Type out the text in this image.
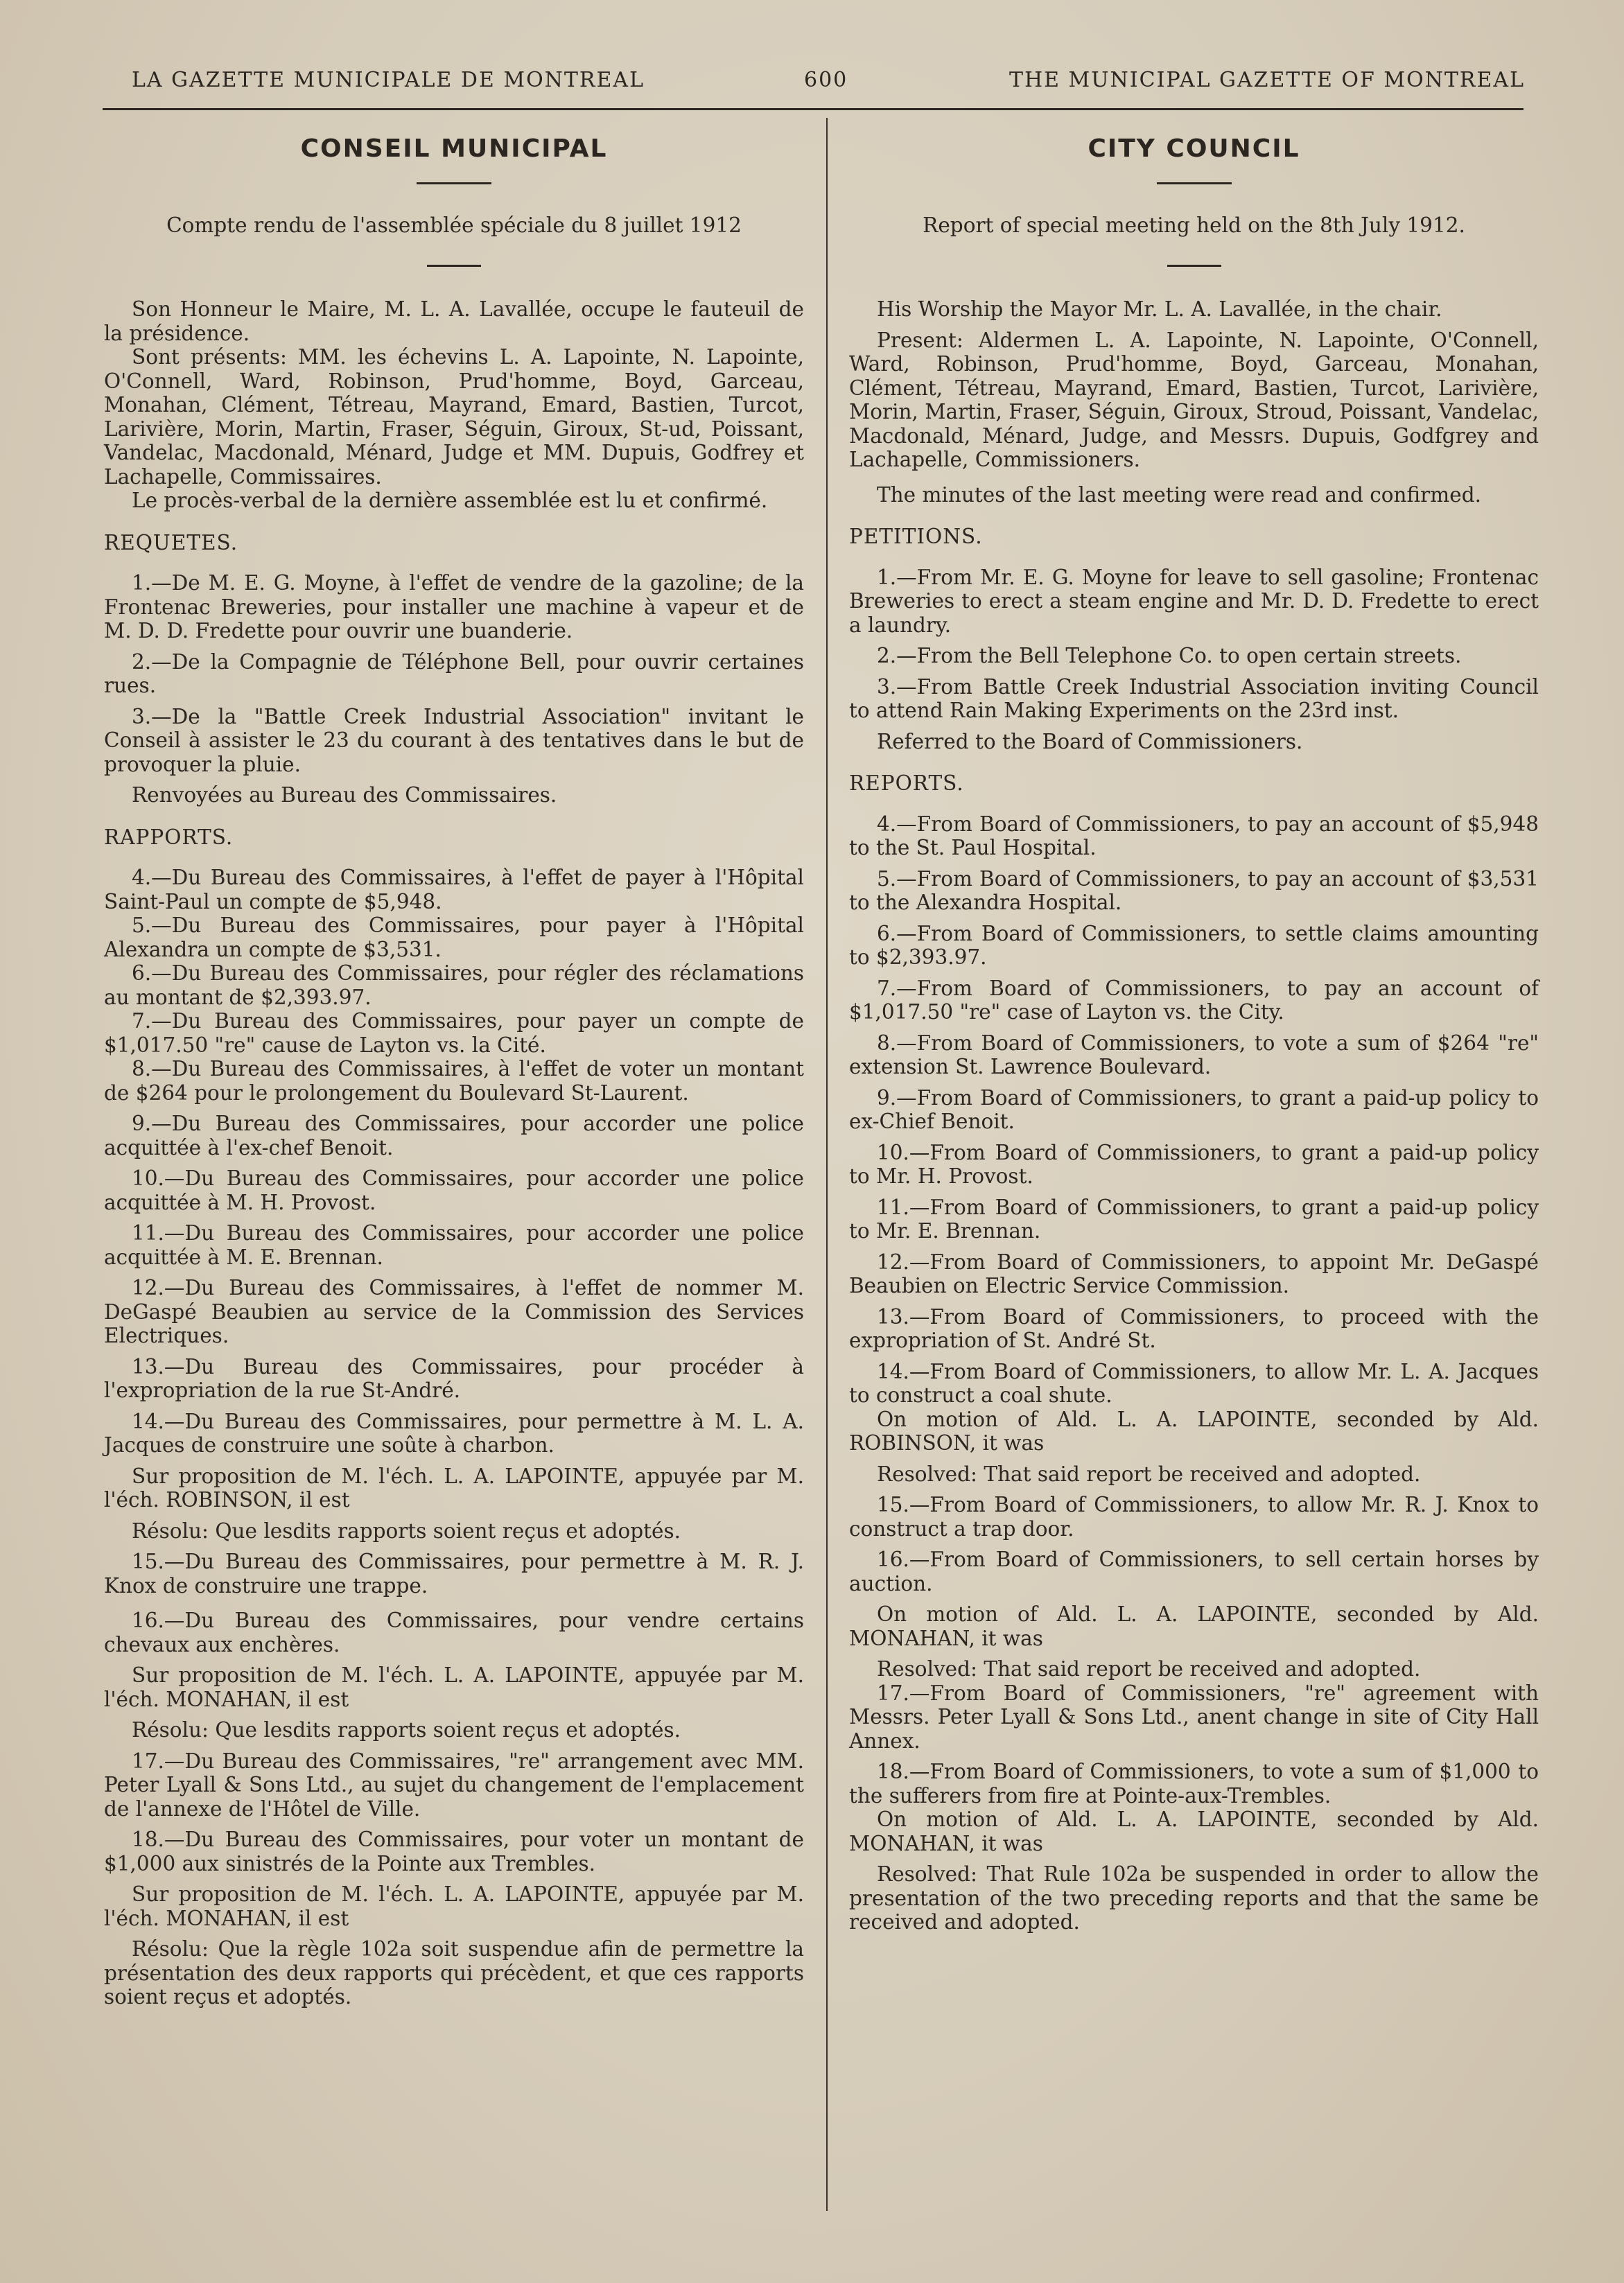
LA GAZETTE MUNICIPALE DE MONTREAL	600	THE MUNICIPAL GAZETTE OF MONTREAL
CONSEIL MUNICIPAL
Compte rendu de l'assemblée spéciale du 8 juillet 1912

Son Honneur le Maire, M. L. A. Lavallée, occupe le fauteuil de la présidence.

Sont présents: MM. les échevins L. A. Lapointe, N. Lapointe, O'Connell, Ward, Robinson, Prud'homme, Boyd, Garceau, Monahan, Clément, Tétreau, Mayrand, Emard, Bastien, Turcot, Larivière, Morin, Martin, Fraser, Séguin, Giroux, St-ud, Poissant, Vandelac, Macdonald, Ménard, Judge et MM. Dupuis, Godfrey et Lachapelle, Commissaires.

Le procès-verbal de la dernière assemblée est lu et confirmé.

REQUETES.

1.—De M. E. G. Moyne, à l'effet de vendre de la gazoline; de la Frontenac Breweries, pour installer une machine à vapeur et de M. D. D. Fredette pour ouvrir une buanderie.

2.—De la Compagnie de Téléphone Bell, pour ouvrir certaines rues.

3.—De la "Battle Creek Industrial Association" invitant le Conseil à assister le 23 du courant à des tentatives dans le but de provoquer la pluie.

Renvoyées au Bureau des Commissaires.

RAPPORTS.

4.—Du Bureau des Commissaires, à l'effet de payer à l'Hôpital Saint-Paul un compte de $5,948.

5.—Du Bureau des Commissaires, pour payer à l'Hôpital Alexandra un compte de $3,531.

6.—Du Bureau des Commissaires, pour régler des réclamations au montant de $2,393.97.

7.—Du Bureau des Commissaires, pour payer un compte de $1,017.50 "re" cause de Layton vs. la Cité.

8.—Du Bureau des Commissaires, à l'effet de voter un montant de $264 pour le prolongement du Boulevard St-Laurent.

9.—Du Bureau des Commissaires, pour accorder une police acquittée à l'ex-chef Benoit.

10.—Du Bureau des Commissaires, pour accorder une police acquittée à M. H. Provost.

11.—Du Bureau des Commissaires, pour accorder une police acquittée à M. E. Brennan.

12.—Du Bureau des Commissaires, à l'effet de nommer M. DeGaspé Beaubien au service de la Commission des Services Electriques.

13.—Du Bureau des Commissaires, pour procéder à l'expropriation de la rue St-André.

14.—Du Bureau des Commissaires, pour permettre à M. L. A. Jacques de construire une soûte à charbon.

Sur proposition de M. l'éch. L. A. LAPOINTE, appuyée par M. l'éch. ROBINSON, il est

Résolu: Que lesdits rapports soient reçus et adoptés.

15.—Du Bureau des Commissaires, pour permettre à M. R. J. Knox de construire une trappe.

16.—Du Bureau des Commissaires, pour vendre certains chevaux aux enchères.

Sur proposition de M. l'éch. L. A. LAPOINTE, appuyée par M. l'éch. MONAHAN, il est

Résolu: Que lesdits rapports soient reçus et adoptés.

17.—Du Bureau des Commissaires, "re" arrangement avec MM. Peter Lyall & Sons Ltd., au sujet du changement de l'emplacement de l'annexe de l'Hôtel de Ville.

18.—Du Bureau des Commissaires, pour voter un montant de $1,000 aux sinistrés de la Pointe aux Trembles.

Sur proposition de M. l'éch. L. A. LAPOINTE, appuyée par M. l'éch. MONAHAN, il est

Résolu: Que la règle 102a soit suspendue afin de permettre la présentation des deux rapports qui précèdent, et que ces rapports soient reçus et adoptés.

CITY COUNCIL
Report of special meeting held on the 8th July 1912.

His Worship the Mayor Mr. L. A. Lavallée, in the chair.

Present: Aldermen L. A. Lapointe, N. Lapointe, O'Connell, Ward, Robinson, Prud'homme, Boyd, Garceau, Monahan, Clément, Tétreau, Mayrand, Emard, Bastien, Turcot, Larivière, Morin, Martin, Fraser, Séguin, Giroux, Stroud, Poissant, Vandelac, Macdonald, Ménard, Judge, and Messrs. Dupuis, Godfgrey and Lachapelle, Commissioners.

The minutes of the last meeting were read and confirmed.

PETITIONS.

1.—From Mr. E. G. Moyne for leave to sell gasoline; Frontenac Breweries to erect a steam engine and Mr. D. D. Fredette to erect a laundry.

2.—From the Bell Telephone Co. to open certain streets.

3.—From Battle Creek Industrial Association inviting Council to attend Rain Making Experiments on the 23rd inst.

Referred to the Board of Commissioners.

REPORTS.

4.—From Board of Commissioners, to pay an account of $5,948 to the St. Paul Hospital.

5.—From Board of Commissioners, to pay an account of $3,531 to the Alexandra Hospital.

6.—From Board of Commissioners, to settle claims amounting to $2,393.97.

7.—From Board of Commissioners, to pay an account of $1,017.50 "re" case of Layton vs. the City.

8.—From Board of Commissioners, to vote a sum of $264 "re" extension St. Lawrence Boulevard.

9.—From Board of Commissioners, to grant a paid-up policy to ex-Chief Benoit.

10.—From Board of Commissioners, to grant a paid-up policy to Mr. H. Provost.

11.—From Board of Commissioners, to grant a paid-up policy to Mr. E. Brennan.

12.—From Board of Commissioners, to appoint Mr. DeGaspé Beaubien on Electric Service Commission.

13.—From Board of Commissioners, to proceed with the expropriation of St. André St.

14.—From Board of Commissioners, to allow Mr. L. A. Jacques to construct a coal shute.

On motion of Ald. L. A. LAPOINTE, seconded by Ald. ROBINSON, it was

Resolved: That said report be received and adopted.

15.—From Board of Commissioners, to allow Mr. R. J. Knox to construct a trap door.

16.—From Board of Commissioners, to sell certain horses by auction.

On motion of Ald. L. A. LAPOINTE, seconded by Ald. MONAHAN, it was

Resolved: That said report be received and adopted.

17.—From Board of Commissioners, "re" agreement with Messrs. Peter Lyall & Sons Ltd., anent change in site of City Hall Annex.

18.—From Board of Commissioners, to vote a sum of $1,000 to the sufferers from fire at Pointe-aux-Trembles.

On motion of Ald. L. A. LAPOINTE, seconded by Ald. MONAHAN, it was

Resolved: That Rule 102a be suspended in order to allow the presentation of the two preceding reports and that the same be received and adopted.
